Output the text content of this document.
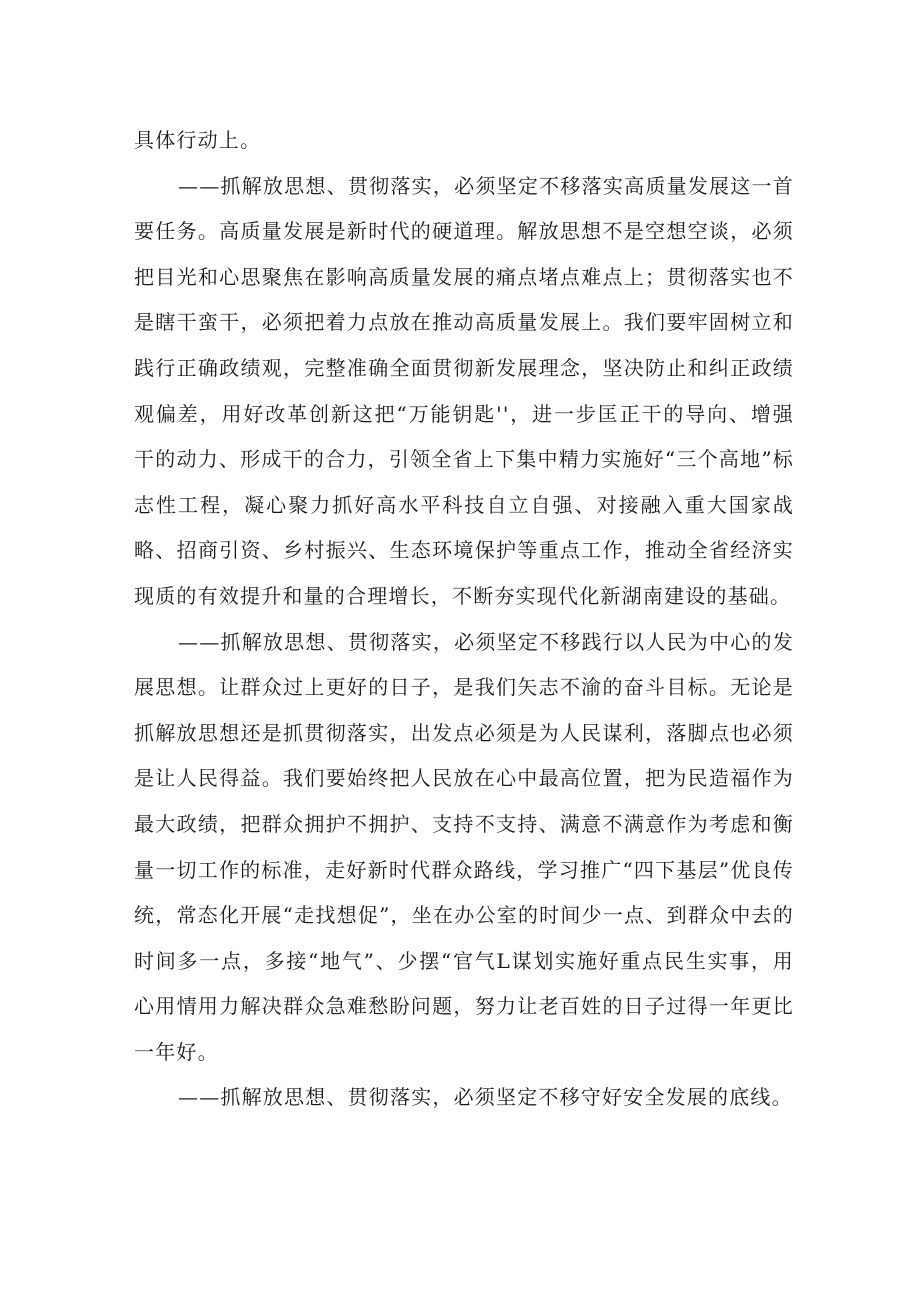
具体行动上。

——抓解放思想、贯彻落实，必须坚定不移落实高质量发展这一首要任务。高质量发展是新时代的硬道理。解放思想不是空想空谈，必须把目光和心思聚焦在影响高质量发展的痛点堵点难点上；贯彻落实也不是瞎干蛮干，必须把着力点放在推动高质量发展上。我们要牢固树立和践行正确政绩观，完整准确全面贯彻新发展理念，坚决防止和纠正政绩观偏差，用好改革创新这把“万能钥匙''，进一步匡正干的导向、增强干的动力、形成干的合力，引领全省上下集中精力实施好“三个高地”标志性工程，凝心聚力抓好高水平科技自立自强、对接融入重大国家战略、招商引资、乡村振兴、生态环境保护等重点工作，推动全省经济实现质的有效提升和量的合理增长，不断夯实现代化新湖南建设的基础。

——抓解放思想、贯彻落实，必须坚定不移践行以人民为中心的发展思想。让群众过上更好的日子，是我们矢志不渝的奋斗目标。无论是抓解放思想还是抓贯彻落实，出发点必须是为人民谋利，落脚点也必须是让人民得益。我们要始终把人民放在心中最高位置，把为民造福作为最大政绩，把群众拥护不拥护、支持不支持、满意不满意作为考虑和衡量一切工作的标准，走好新时代群众路线，学习推广“四下基层”优良传统，常态化开展“走找想促”，坐在办公室的时间少一点、到群众中去的时间多一点，多接“地气”、少摆“官气L谋划实施好重点民生实事，用心用情用力解决群众急难愁盼问题，努力让老百姓的日子过得一年更比一年好。

——抓解放思想、贯彻落实，必须坚定不移守好安全发展的底线。
